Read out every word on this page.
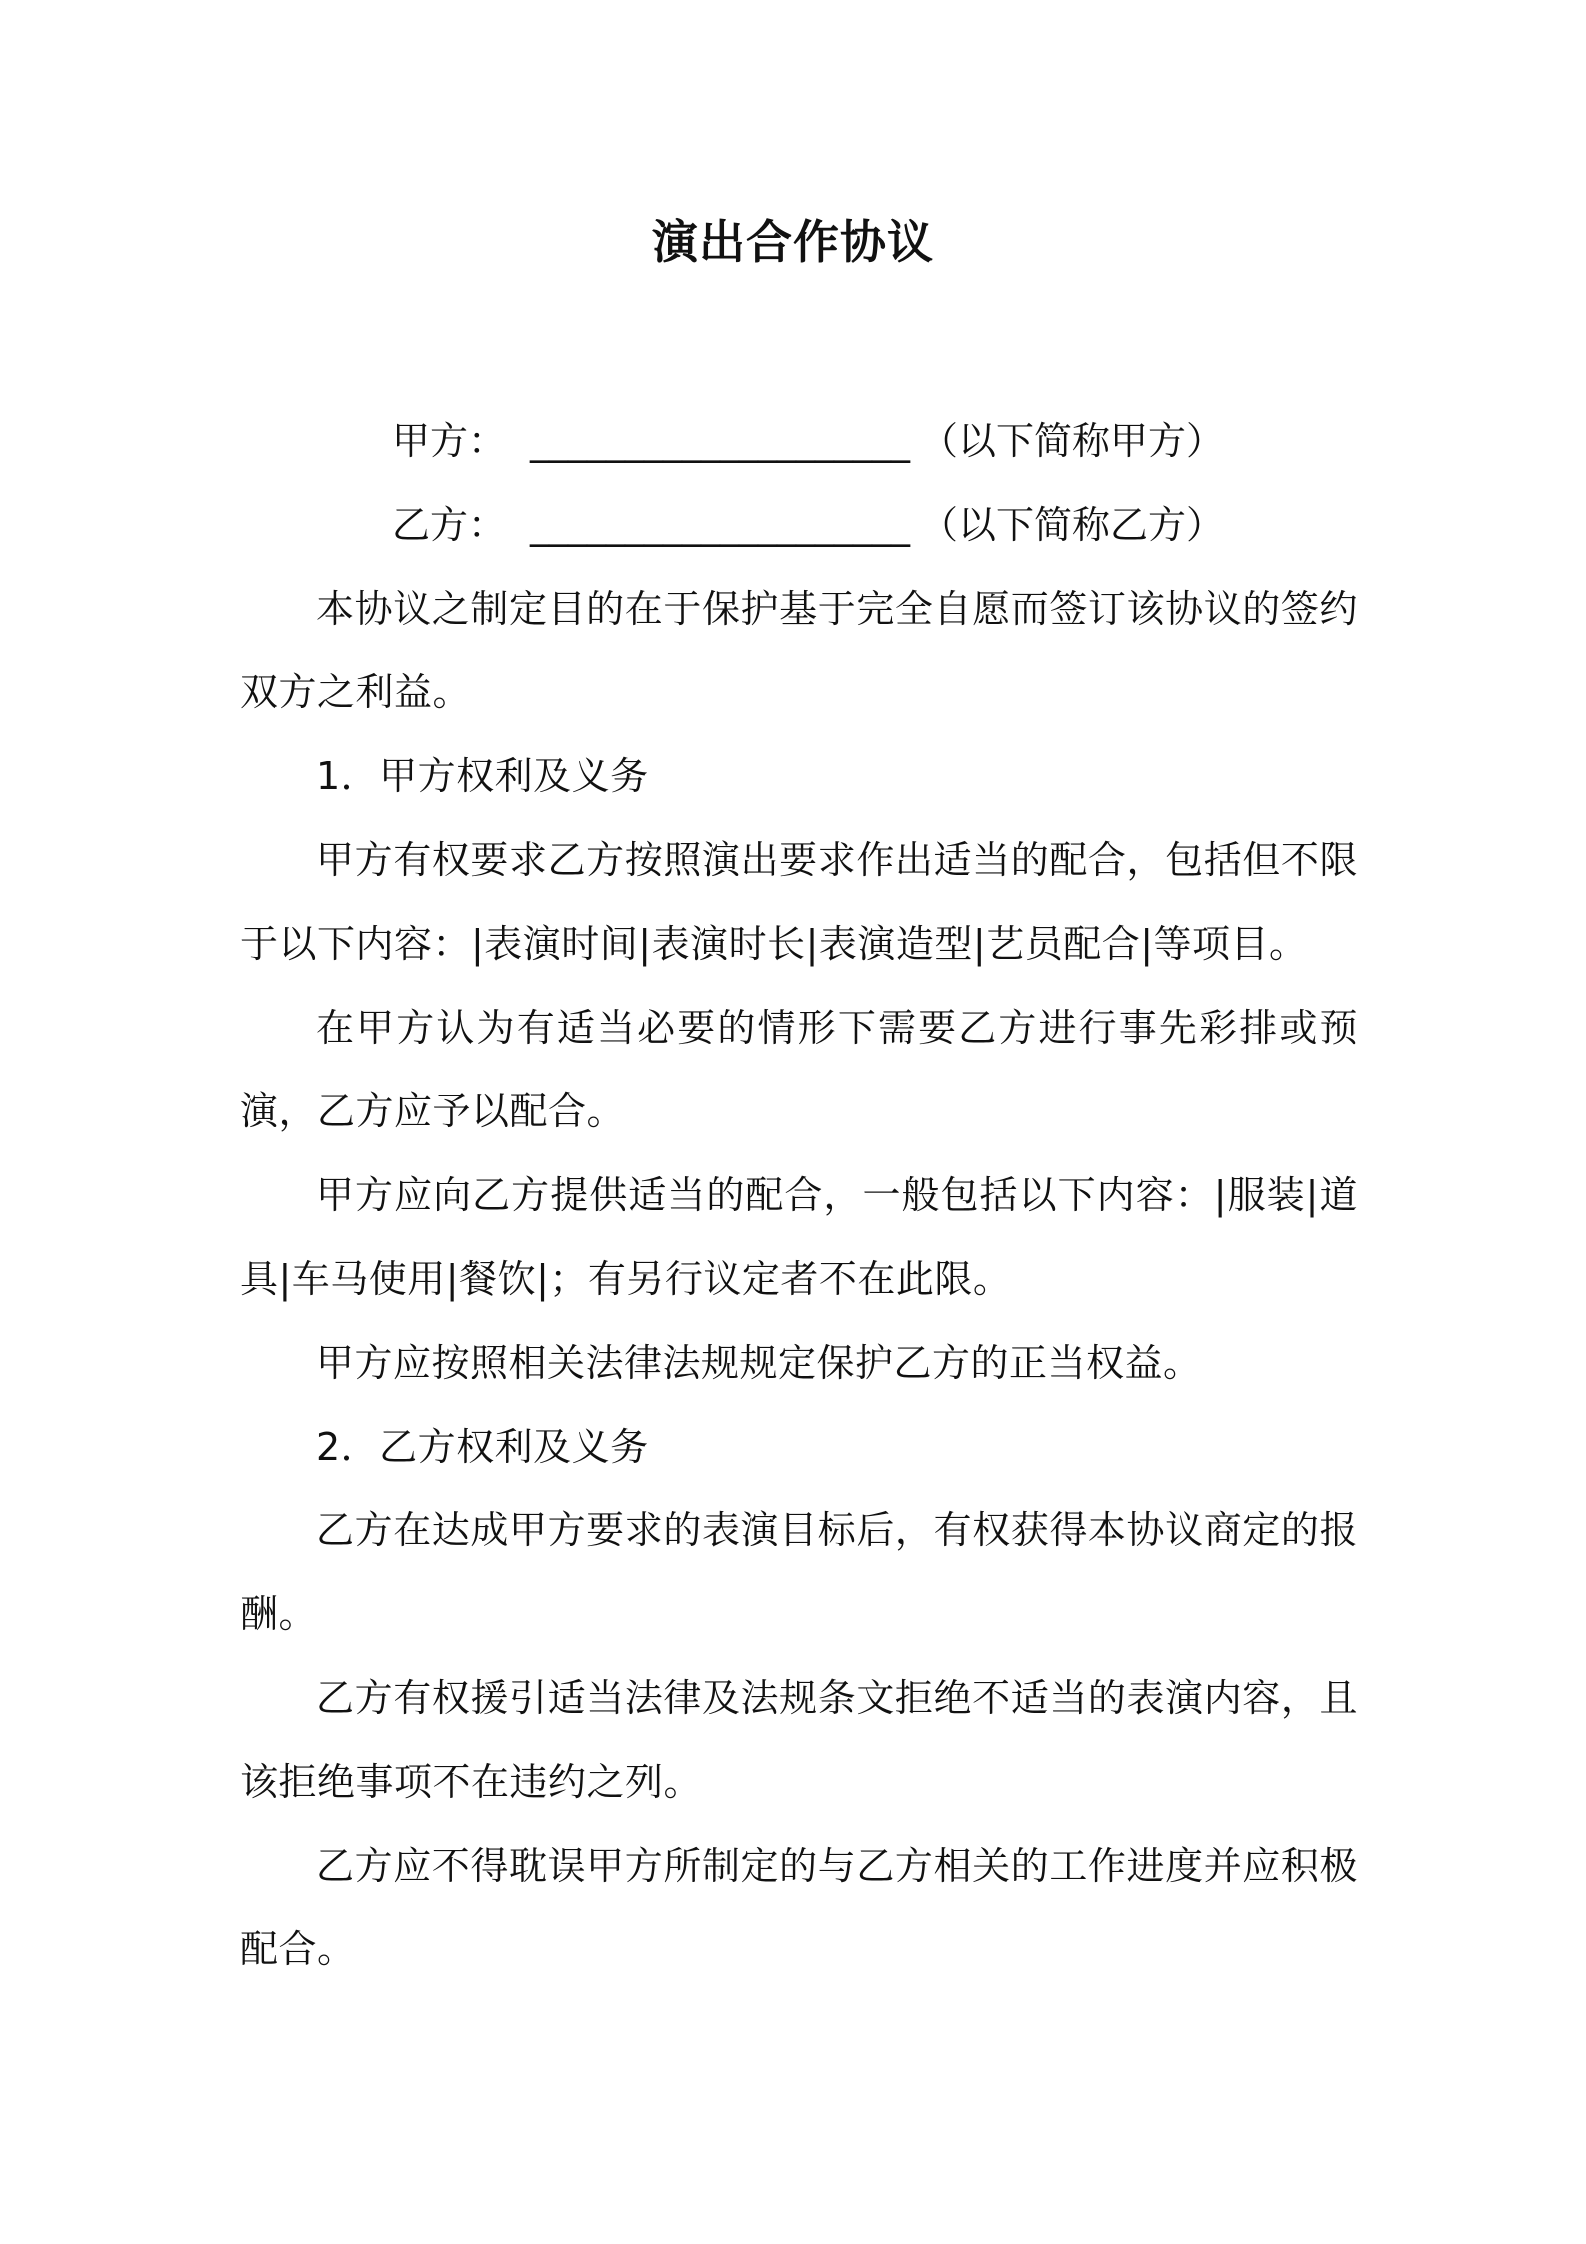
演出合作协议
甲方： ____________________ （以下简称甲方）
乙方： ____________________ （以下简称乙方）

本协议之制定目的在于保护基于完全自愿而签订该协议的签约双方之利益。

1．甲方权利及义务

甲方有权要求乙方按照演出要求作出适当的配合，包括但不限于以下内容：|表演时间|表演时长|表演造型|艺员配合|等项目。

在甲方认为有适当必要的情形下需要乙方进行事先彩排或预演，乙方应予以配合。

甲方应向乙方提供适当的配合，一般包括以下内容：|服装|道具|车马使用|餐饮|；有另行议定者不在此限。

甲方应按照相关法律法规规定保护乙方的正当权益。

2．乙方权利及义务

乙方在达成甲方要求的表演目标后，有权获得本协议商定的报酬。

乙方有权援引适当法律及法规条文拒绝不适当的表演内容，且该拒绝事项不在违约之列。

乙方应不得耽误甲方所制定的与乙方相关的工作进度并应积极配合。
